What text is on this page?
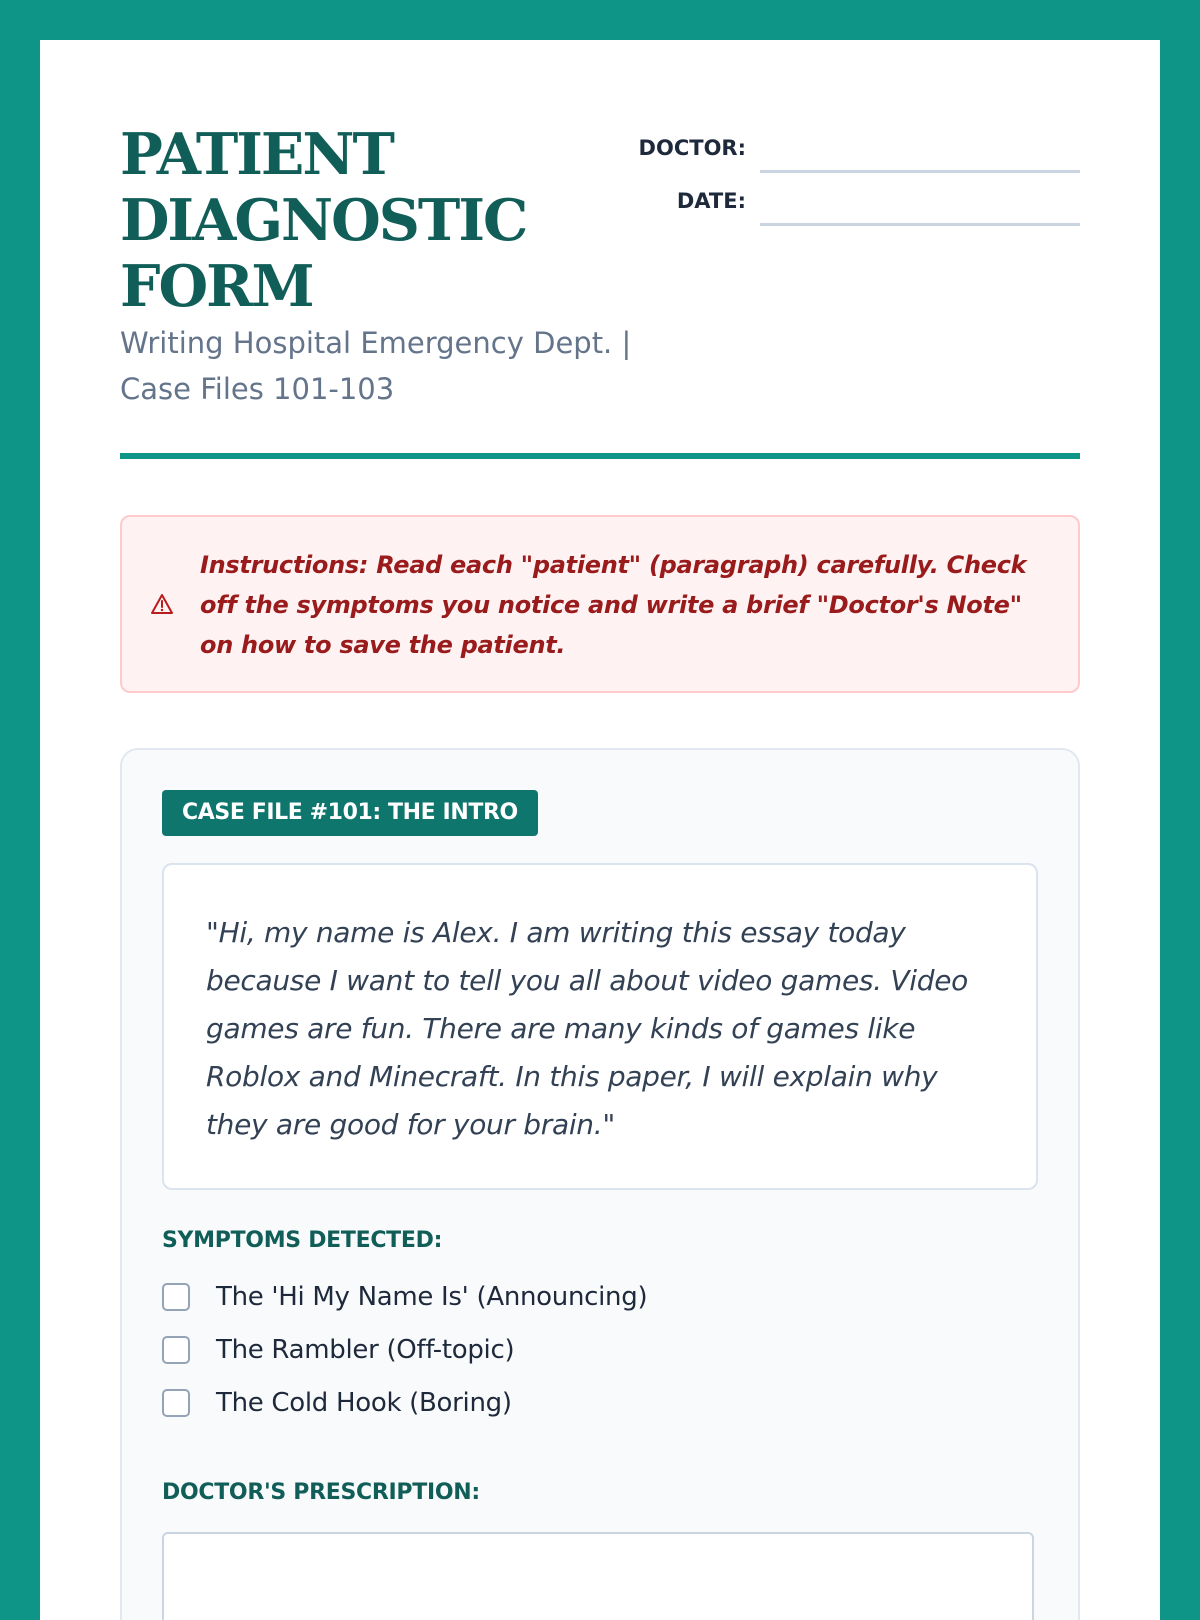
PATIENT
DIAGNOSTIC
FORM
Writing Hospital Emergency Dept. |
Case Files 101-103
DOCTOR:
DATE:
Instructions: Read each "patient" (paragraph) carefully. Check off the symptoms you notice and write a brief "Doctor's Note" on how to save the patient.
CASE FILE #101: THE INTRO
"Hi, my name is Alex. I am writing this essay today because I want to tell you all about video games. Video games are fun. There are many kinds of games like Roblox and Minecraft. In this paper, I will explain why they are good for your brain."
SYMPTOMS DETECTED:
The 'Hi My Name Is' (Announcing)
The Rambler (Off-topic)
The Cold Hook (Boring)
DOCTOR'S PRESCRIPTION:
